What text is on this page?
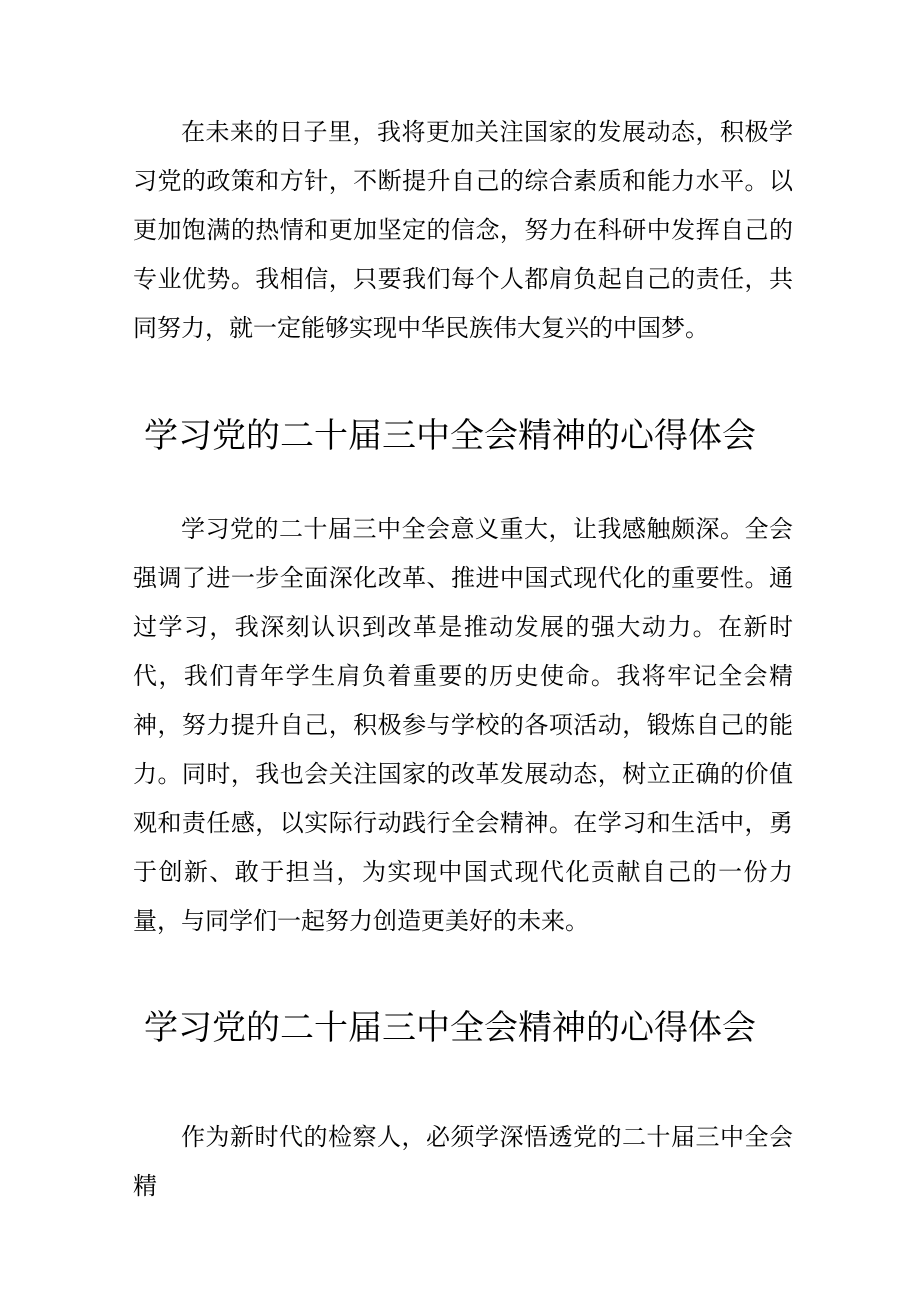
在未来的日子里，我将更加关注国家的发展动态，积极学习党的政策和方针，不断提升自己的综合素质和能力水平。以更加饱满的热情和更加坚定的信念，努力在科研中发挥自己的专业优势。我相信，只要我们每个人都肩负起自己的责任，共同努力，就一定能够实现中华民族伟大复兴的中国梦。

学习党的二十届三中全会精神的心得体会

学习党的二十届三中全会意义重大，让我感触颇深。全会强调了进一步全面深化改革、推进中国式现代化的重要性。通过学习，我深刻认识到改革是推动发展的强大动力。在新时代，我们青年学生肩负着重要的历史使命。我将牢记全会精神，努力提升自己，积极参与学校的各项活动，锻炼自己的能力。同时，我也会关注国家的改革发展动态，树立正确的价值观和责任感，以实际行动践行全会精神。在学习和生活中，勇于创新、敢于担当，为实现中国式现代化贡献自己的一份力量，与同学们一起努力创造更美好的未来。

学习党的二十届三中全会精神的心得体会

作为新时代的检察人，必须学深悟透党的二十届三中全会精
